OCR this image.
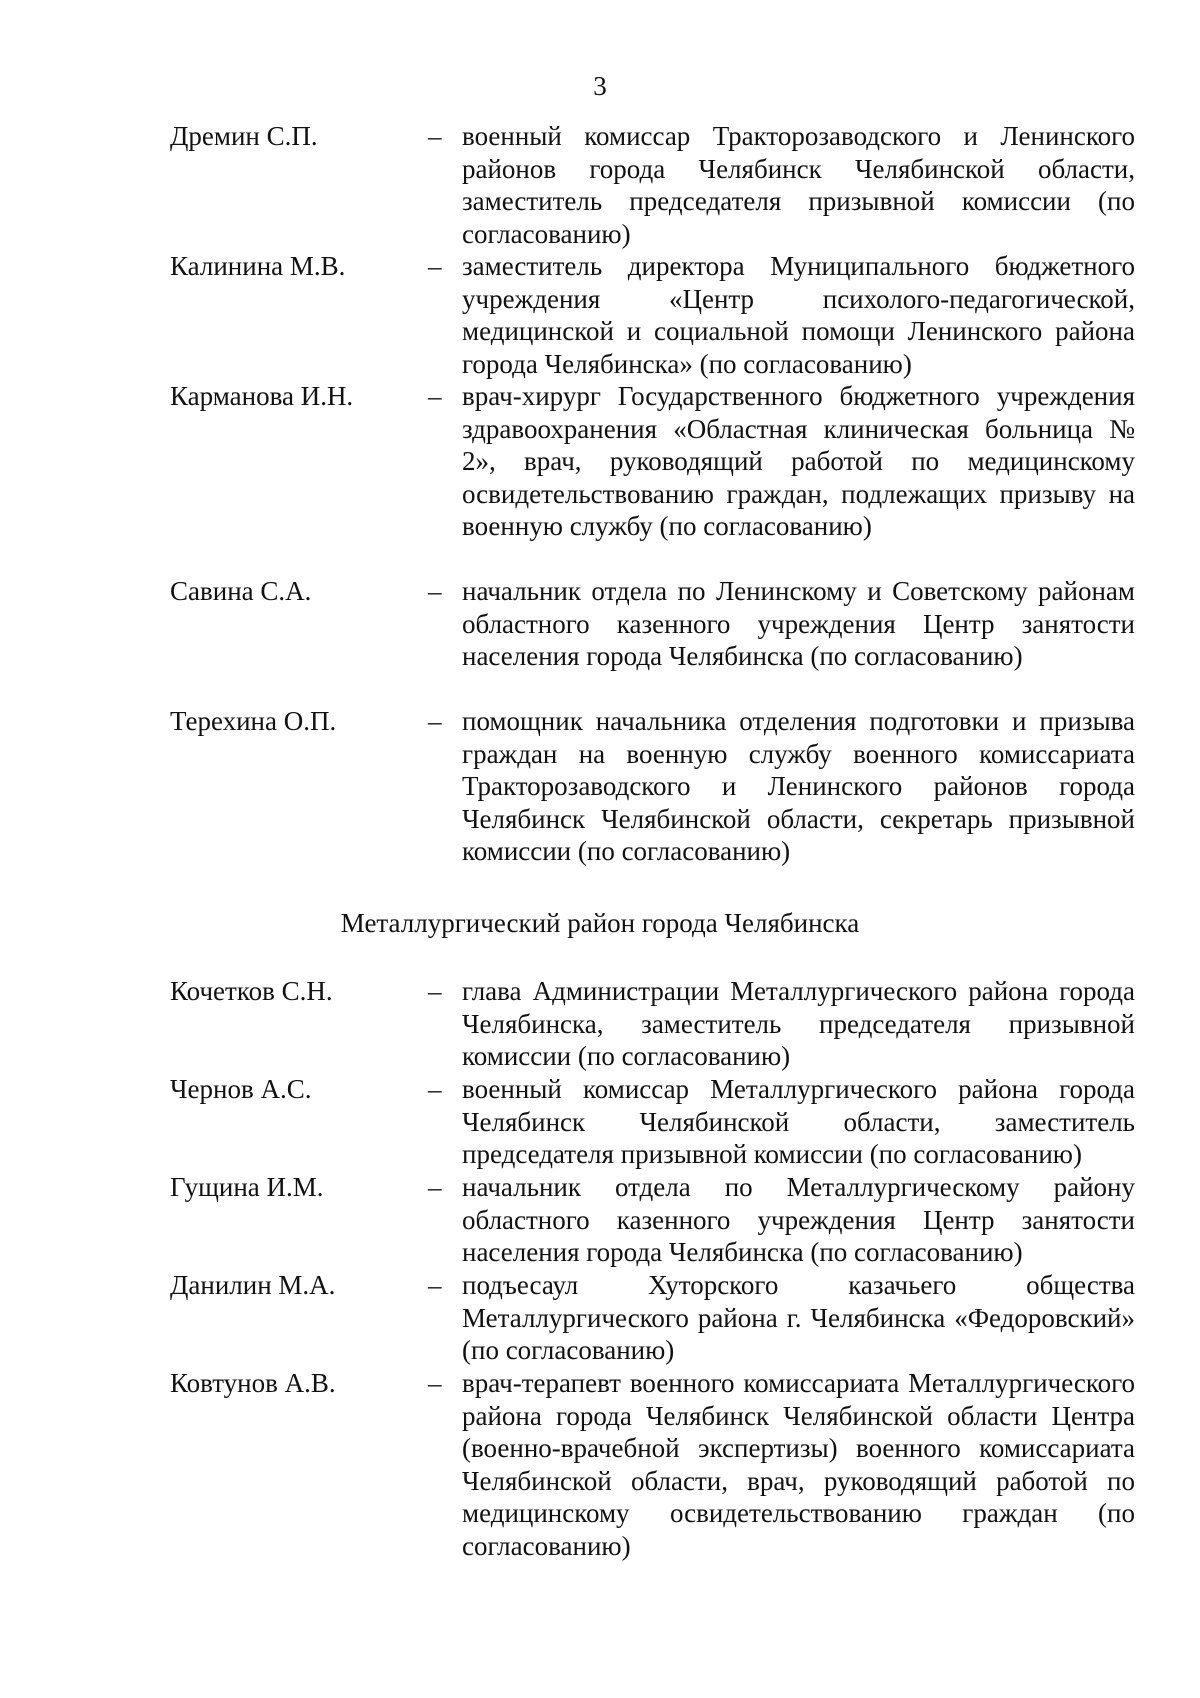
3
Дремин С.П.	– военный комиссар Тракторозаводского и Ленинского районов города Челябинск Челябинской области, заместитель председателя призывной комиссии (по согласованию)
Калинина М.В.	– заместитель директора Муниципального бюджетного учреждения «Центр психолого-педагогической, медицинской и социальной помощи Ленинского района города Челябинска» (по согласованию)
Карманова И.Н.	– врач-хирург Государственного бюджетного учреждения здравоохранения «Областная клиническая больница № 2», врач, руководящий работой по медицинскому освидетельствованию граждан, подлежащих призыву на военную службу (по согласованию)
Савина С.А.	– начальник отдела по Ленинскому и Советскому районам областного казенного учреждения Центр занятости населения города Челябинска (по согласованию)
Терехина О.П.	– помощник начальника отделения подготовки и призыва граждан на военную службу военного комиссариата Тракторозаводского и Ленинского районов города Челябинск Челябинской области, секретарь призывной комиссии (по согласованию)
Металлургический район города Челябинска
Кочетков С.Н.	– глава Администрации Металлургического района города Челябинска, заместитель председателя призывной комиссии (по согласованию)
Чернов А.С.	– военный комиссар Металлургического района города Челябинск Челябинской области, заместитель председателя призывной комиссии (по согласованию)
Гущина И.М.	– начальник отдела по Металлургическому району областного казенного учреждения Центр занятости населения города Челябинска (по согласованию)
Данилин М.А.	– подъесаул Хуторского казачьего общества Металлургического района г. Челябинска «Федоровский» (по согласованию)
Ковтунов А.В.	– врач-терапевт военного комиссариата Металлургического района города Челябинск Челябинской области Центра (военно-врачебной экспертизы) военного комиссариата Челябинской области, врач, руководящий работой по медицинскому освидетельствованию граждан (по согласованию)
